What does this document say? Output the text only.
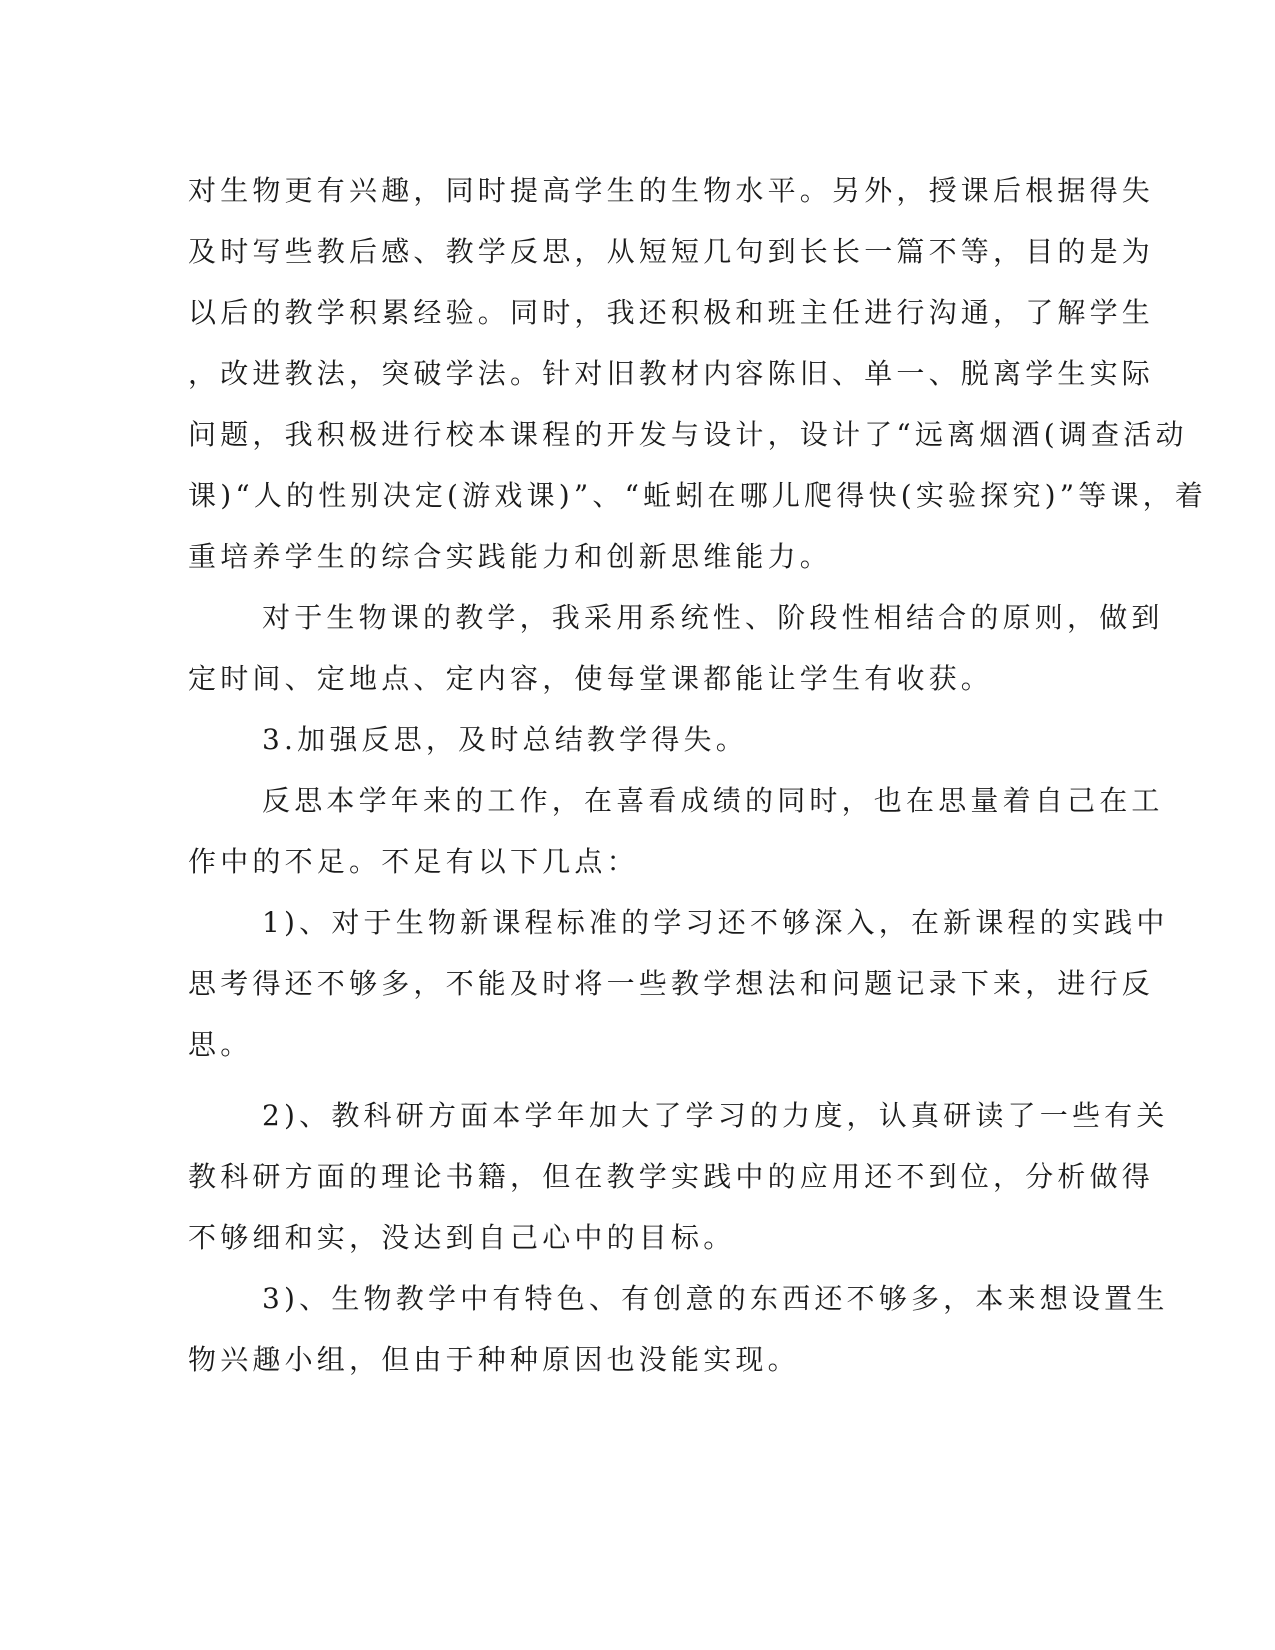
对生物更有兴趣，同时提高学生的生物水平。另外，授课后根据得失
及时写些教后感、教学反思，从短短几句到长长一篇不等，目的是为
以后的教学积累经验。同时，我还积极和班主任进行沟通，了解学生
，改进教法，突破学法。针对旧教材内容陈旧、单一、脱离学生实际
问题，我积极进行校本课程的开发与设计，设计了“远离烟酒(调查活动
课)“人的性别决定(游戏课)”、“蚯蚓在哪儿爬得快(实验探究)”等课，着
重培养学生的综合实践能力和创新思维能力。
对于生物课的教学，我采用系统性、阶段性相结合的原则，做到
定时间、定地点、定内容，使每堂课都能让学生有收获。
3.加强反思，及时总结教学得失。
反思本学年来的工作，在喜看成绩的同时，也在思量着自己在工
作中的不足。不足有以下几点：
1)、对于生物新课程标准的学习还不够深入，在新课程的实践中
思考得还不够多，不能及时将一些教学想法和问题记录下来，进行反
思。
2)、教科研方面本学年加大了学习的力度，认真研读了一些有关
教科研方面的理论书籍，但在教学实践中的应用还不到位，分析做得
不够细和实，没达到自己心中的目标。
3)、生物教学中有特色、有创意的东西还不够多，本来想设置生
物兴趣小组，但由于种种原因也没能实现。
